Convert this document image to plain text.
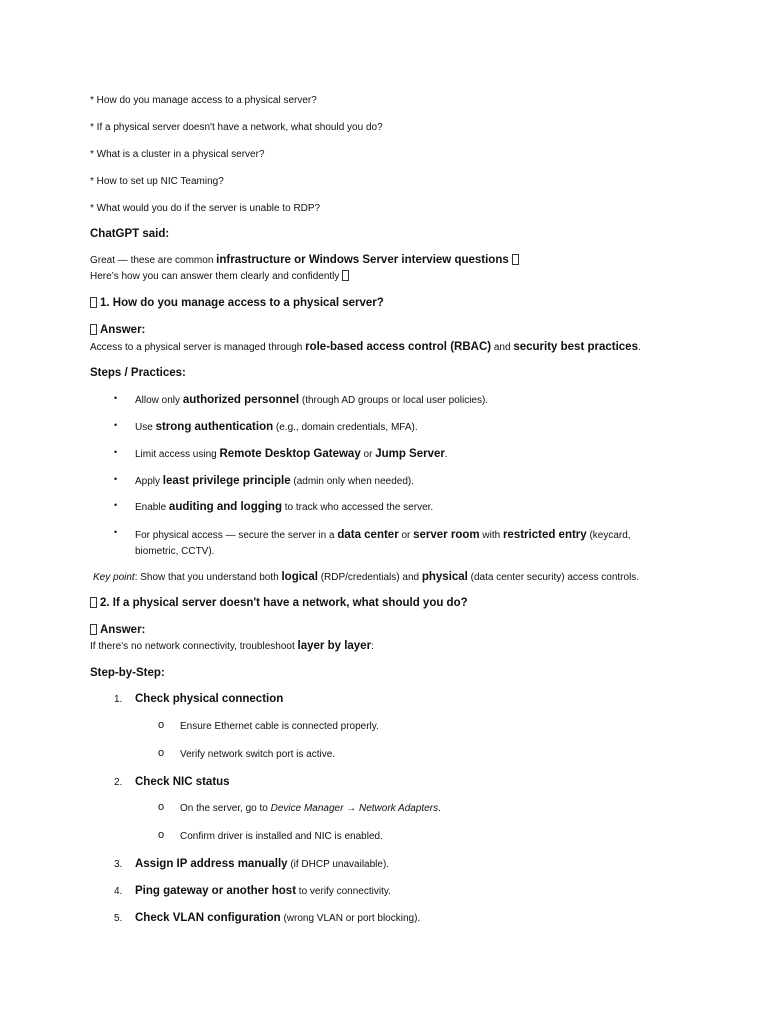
* How do you manage access to a physical server?
* If a physical server doesn't have a network, what should you do?
* What is a cluster in a physical server?
* How to set up NIC Teaming?
* What would you do if the server is unable to RDP?
ChatGPT said:
Great — these are common infrastructure or Windows Server interview questions
Here’s how you can answer them clearly and confidently
1. How do you manage access to a physical server?
Answer:
Access to a physical server is managed through role-based access control (RBAC) and security best practices.
Steps / Practices:
• Allow only authorized personnel (through AD groups or local user policies).
• Use strong authentication (e.g., domain credentials, MFA).
• Limit access using Remote Desktop Gateway or Jump Server.
• Apply least privilege principle (admin only when needed).
• Enable auditing and logging to track who accessed the server.
• For physical access — secure the server in a data center or server room with restricted entry (keycard, biometric, CCTV).
Key point: Show that you understand both logical (RDP/credentials) and physical (data center security) access controls.
2. If a physical server doesn't have a network, what should you do?
Answer:
If there’s no network connectivity, troubleshoot layer by layer:
Step-by-Step:
1. Check physical connection
o Ensure Ethernet cable is connected properly.
o Verify network switch port is active.
2. Check NIC status
o On the server, go to Device Manager → Network Adapters.
o Confirm driver is installed and NIC is enabled.
3. Assign IP address manually (if DHCP unavailable).
4. Ping gateway or another host to verify connectivity.
5. Check VLAN configuration (wrong VLAN or port blocking).
